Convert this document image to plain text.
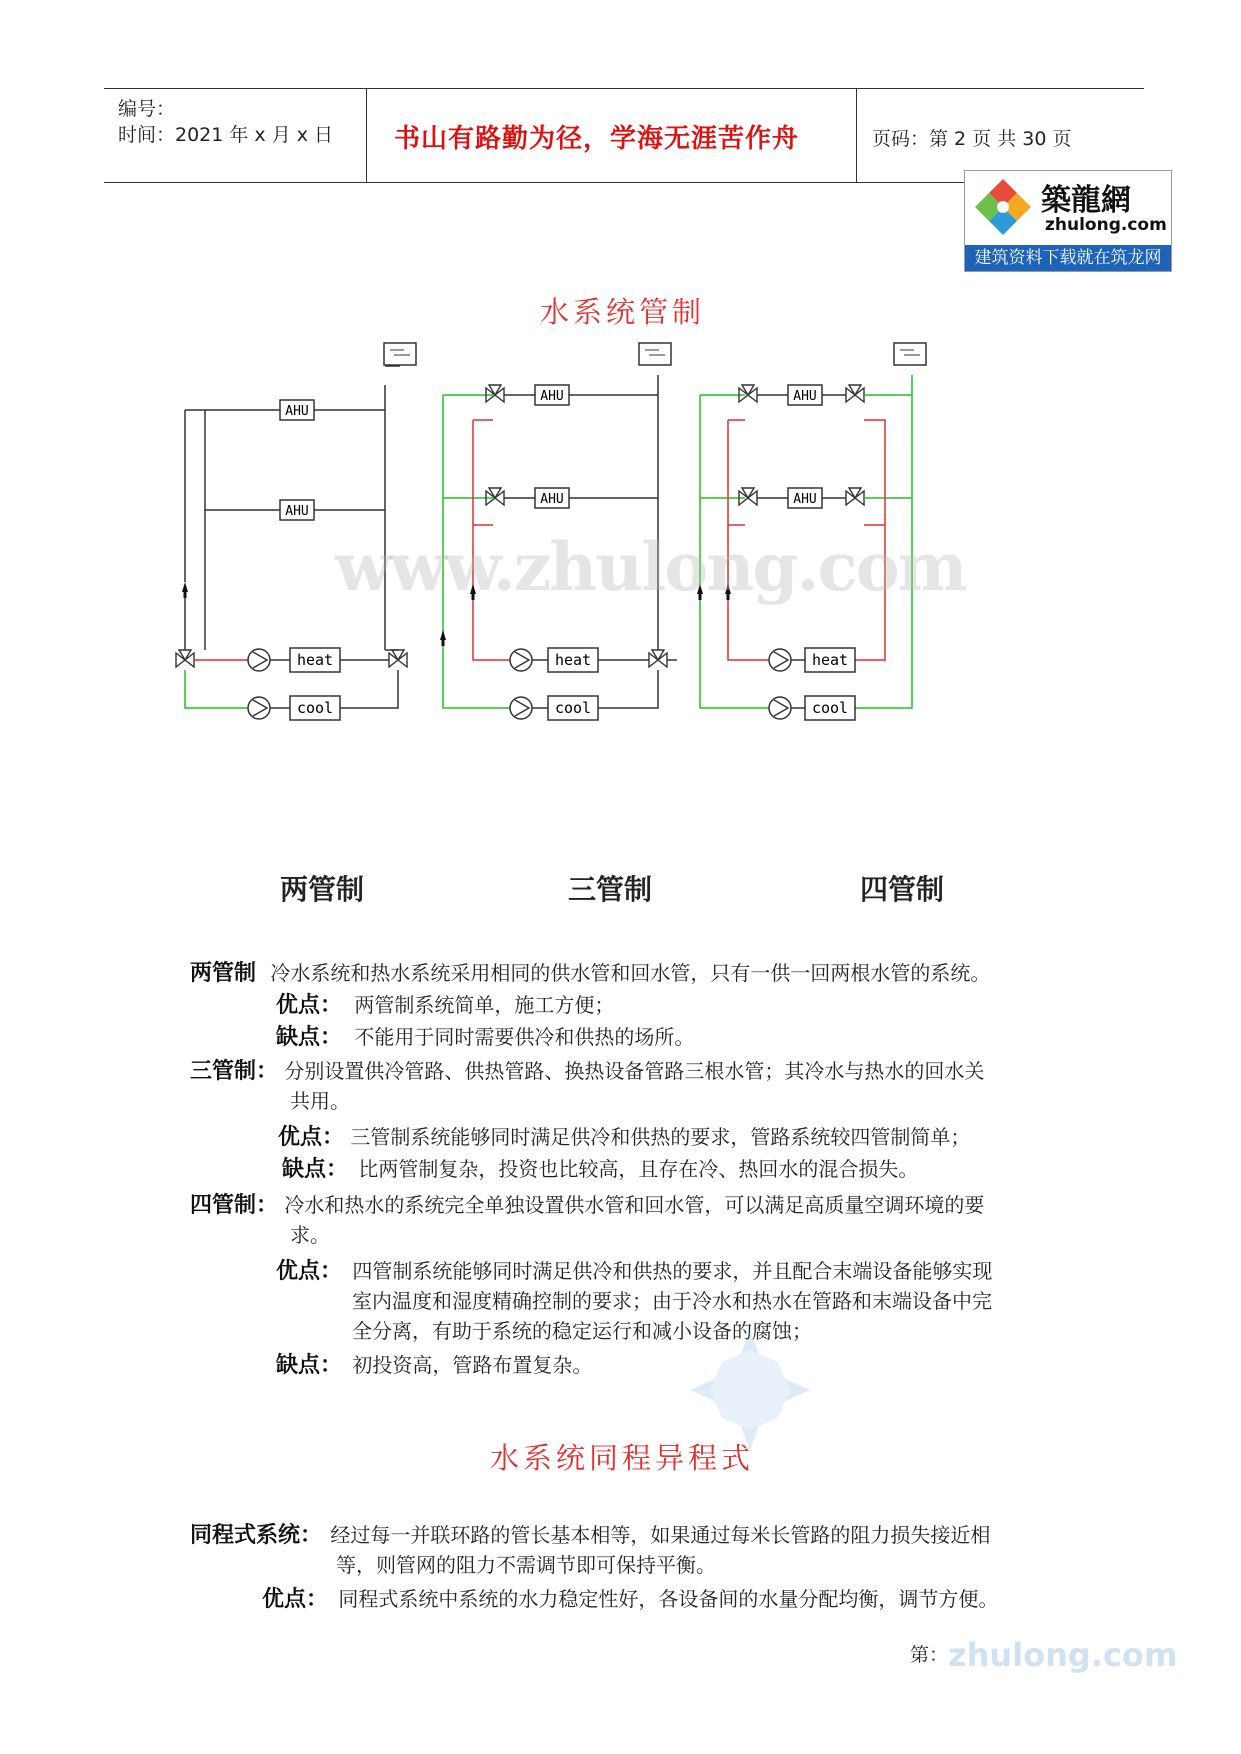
编号：
时间：2021 年 x 月 x 日 书山有路勤为径，学海无涯苦作舟	页码：第 2 页 共 30 页
築龍網
zhulong.com
建筑资料下载就在筑龙网
水系统管制
AHU
heat
cool
heat
cool
heat
cool
www.zhulong.com
两管制	三管制	四管制
两管制 冷水系统和热水系统采用相同的供水管和回水管，只有一供一回两根水管的系统。
优点： 两管制系统简单，施工方便；
缺点： 不能用于同时需要供冷和供热的场所。
三管制： 分别设置供冷管路、供热管路、换热设备管路三根水管；其冷水与热水的回水关
共用。
优点： 三管制系统能够同时满足供冷和供热的要求，管路系统较四管制简单；
缺点： 比两管制复杂，投资也比较高，且存在冷、热回水的混合损失。
四管制： 冷水和热水的系统完全单独设置供水管和回水管，可以满足高质量空调环境的要
求。
优点： 四管制系统能够同时满足供冷和供热的要求，并且配合末端设备能够实现
室内温度和湿度精确控制的要求；由于冷水和热水在管路和末端设备中完
全分离，有助于系统的稳定运行和减小设备的腐蚀；
缺点： 初投资高，管路布置复杂。
水系统同程异程式
同程式系统： 经过每一并联环路的管长基本相等，如果通过每米长管路的阻力损失接近相
等，则管网的阻力不需调节即可保持平衡。
优点： 同程式系统中系统的水力稳定性好，各设备间的水量分配均衡，调节方便。
第： zhulong.com
